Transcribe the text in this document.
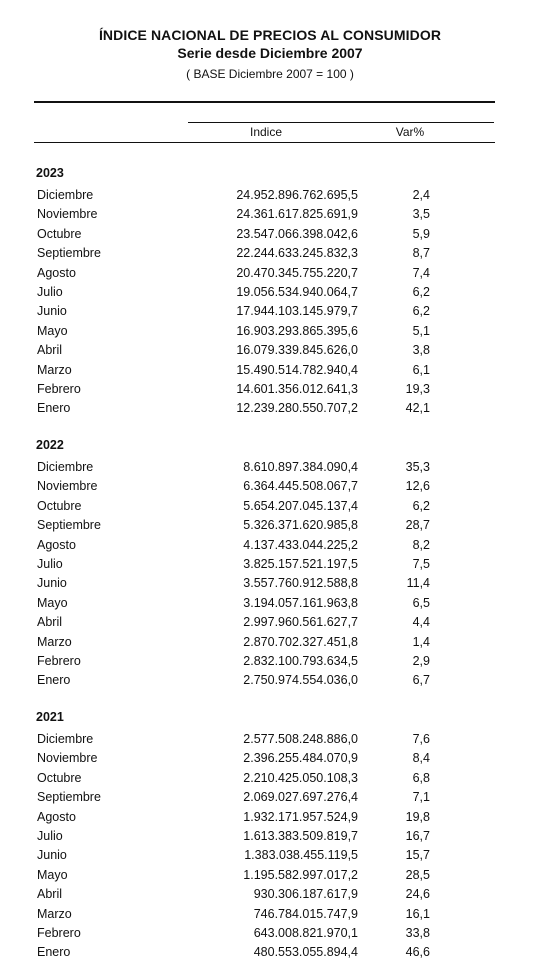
ÍNDICE NACIONAL DE PRECIOS AL CONSUMIDOR
Serie desde Diciembre 2007
( BASE Diciembre 2007 = 100 )
Indice	Var%
2023
Diciembre	24.952.896.762.695,5	2,4
Noviembre	24.361.617.825.691,9	3,5
Octubre	23.547.066.398.042,6	5,9
Septiembre	22.244.633.245.832,3	8,7
Agosto	20.470.345.755.220,7	7,4
Julio	19.056.534.940.064,7	6,2
Junio	17.944.103.145.979,7	6,2
Mayo	16.903.293.865.395,6	5,1
Abril	16.079.339.845.626,0	3,8
Marzo	15.490.514.782.940,4	6,1
Febrero	14.601.356.012.641,3	19,3
Enero	12.239.280.550.707,2	42,1
2022
Diciembre	8.610.897.384.090,4	35,3
Noviembre	6.364.445.508.067,7	12,6
Octubre	5.654.207.045.137,4	6,2
Septiembre	5.326.371.620.985,8	28,7
Agosto	4.137.433.044.225,2	8,2
Julio	3.825.157.521.197,5	7,5
Junio	3.557.760.912.588,8	11,4
Mayo	3.194.057.161.963,8	6,5
Abril	2.997.960.561.627,7	4,4
Marzo	2.870.702.327.451,8	1,4
Febrero	2.832.100.793.634,5	2,9
Enero	2.750.974.554.036,0	6,7
2021
Diciembre	2.577.508.248.886,0	7,6
Noviembre	2.396.255.484.070,9	8,4
Octubre	2.210.425.050.108,3	6,8
Septiembre	2.069.027.697.276,4	7,1
Agosto	1.932.171.957.524,9	19,8
Julio	1.613.383.509.819,7	16,7
Junio	1.383.038.455.119,5	15,7
Mayo	1.195.582.997.017,2	28,5
Abril	930.306.187.617,9	24,6
Marzo	746.784.015.747,9	16,1
Febrero	643.008.821.970,1	33,8
Enero	480.553.055.894,4	46,6
